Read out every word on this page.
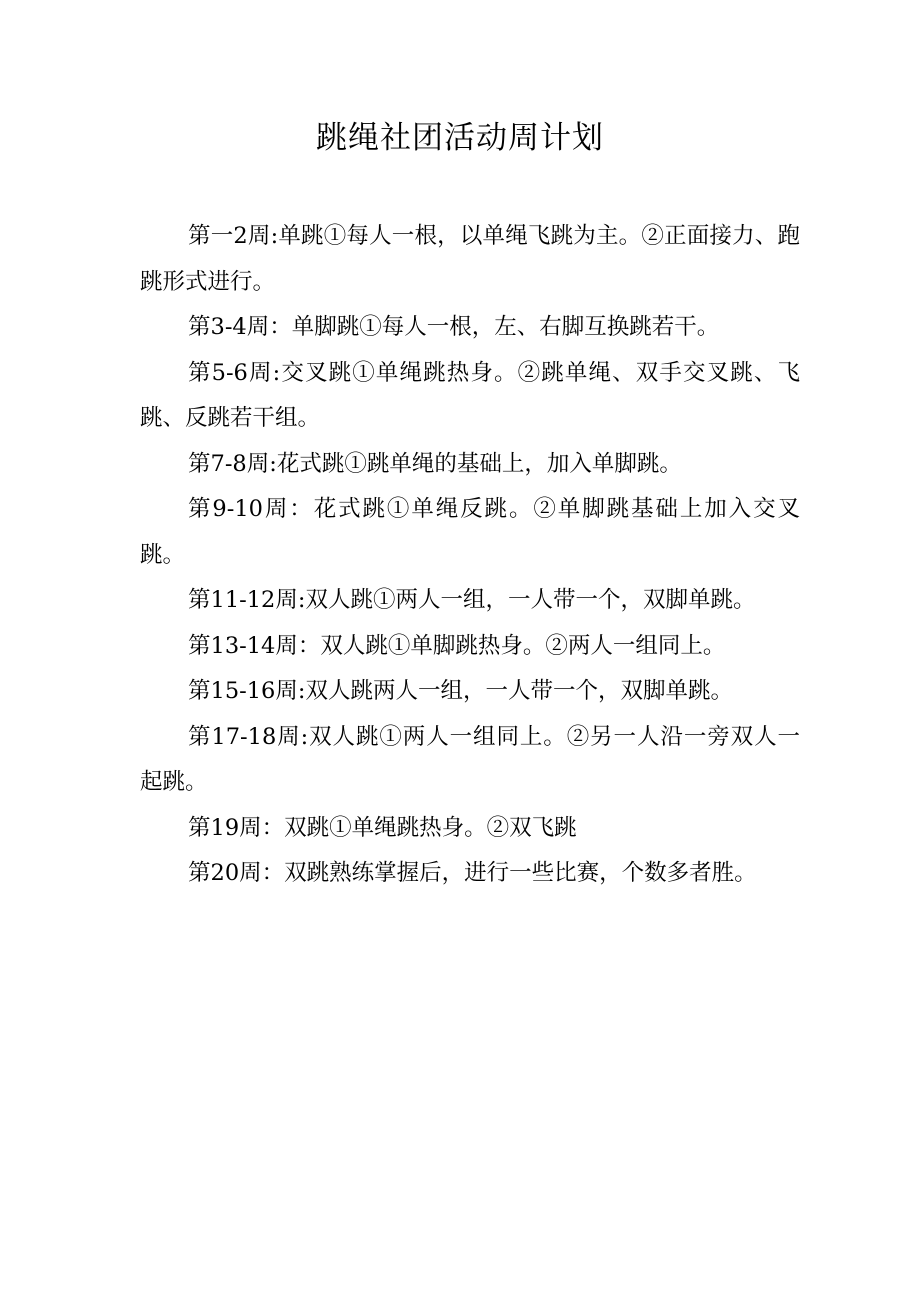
跳绳社团活动周计划

第一2周:单跳①每人一根，以单绳飞跳为主。②正面接力、跑跳形式进行。

第3-4周：单脚跳①每人一根，左、右脚互换跳若干。

第5-6周:交叉跳①单绳跳热身。②跳单绳、双手交叉跳、飞跳、反跳若干组。

第7-8周:花式跳①跳单绳的基础上，加入单脚跳。

第9-10周：花式跳①单绳反跳。②单脚跳基础上加入交叉跳。

第11-12周:双人跳①两人一组，一人带一个，双脚单跳。

第13-14周：双人跳①单脚跳热身。②两人一组同上。

第15-16周:双人跳两人一组，一人带一个，双脚单跳。

第17-18周:双人跳①两人一组同上。②另一人沿一旁双人一起跳。

第19周：双跳①单绳跳热身。②双飞跳

第20周：双跳熟练掌握后，进行一些比赛，个数多者胜。
